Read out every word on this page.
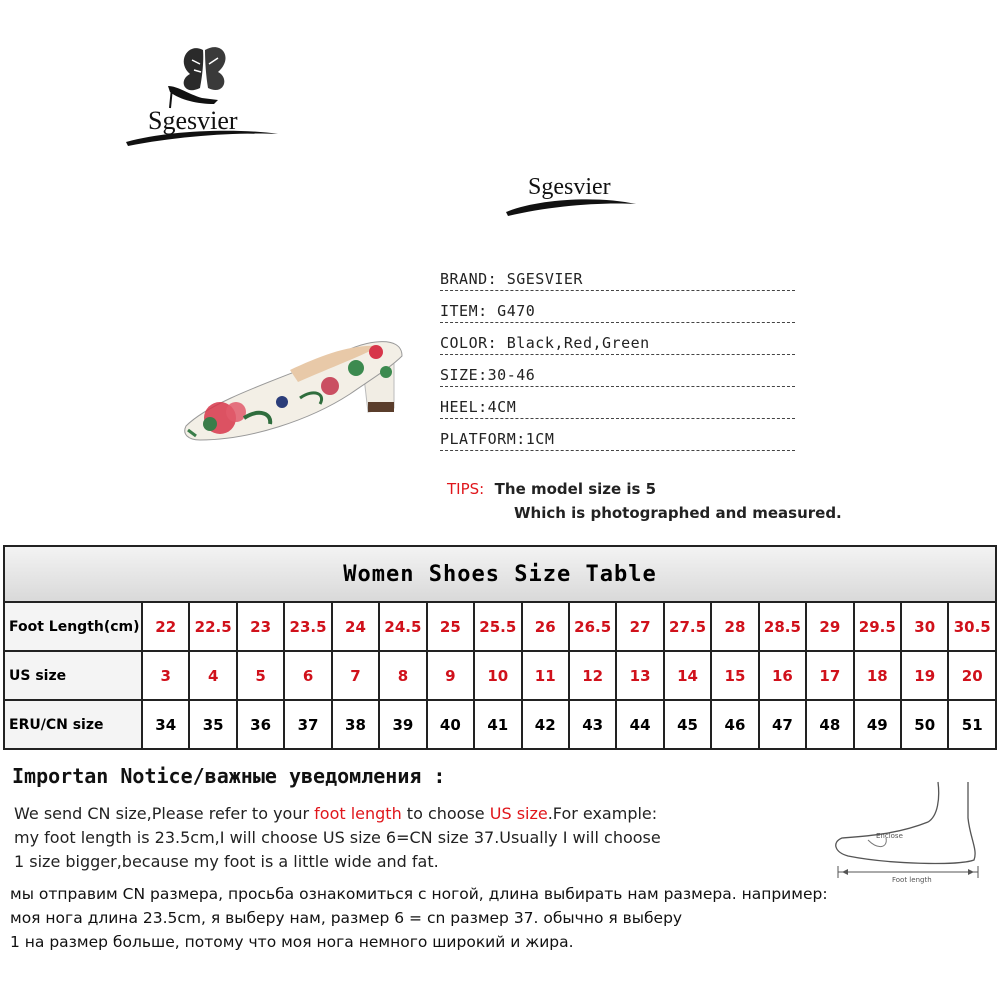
Sgesvier
Sgesvier
BRAND: SGESVIER
ITEM: G470
COLOR: Black,Red,Green
SIZE:30-46
HEEL:4CM
PLATFORM:1CM
TIPS: The model size is 5
Which is photographed and measured.
Women Shoes Size Table																		
Foot Length(cm)	22	22.5	23	23.5	24	24.5	25	25.5	26	26.5	27	27.5	28	28.5	29	29.5	30	30.5
US size	3	4	5	6	7	8	9	10	11	12	13	14	15	16	17	18	19	20
ERU/CN size	34	35	36	37	38	39	40	41	42	43	44	45	46	47	48	49	50	51
Importan Notice/важные уведомления :
We send CN size,Please refer to your foot length to choose US size.For example:
my foot length is 23.5cm,I will choose US size 6=CN size 37.Usually I will choose
1 size bigger,because my foot is a little wide and fat.
мы отправим CN размера, просьба ознакомиться с ногой, длина выбирать нам размера. например:
моя нога длина 23.5cm, я выберу нам, размер 6 = cn размер 37. обычно я выберу
1 на размер больше, потому что моя нога немного широкий и жира.
Enclose
Foot length
